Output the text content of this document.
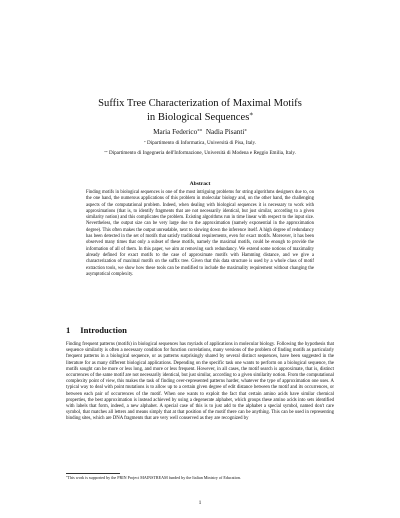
Suffix Tree Characterization of Maximal Motifs
in Biological Sequences*
Maria Federico** Nadia Pisanti*
* Dipartimento di Informatica, Università di Pisa, Italy.
** Dipartimento di Ingegneria dell'Informazione, Università di Modena e Reggio Emilia, Italy.
Abstract
Finding motifs in biological sequences is one of the most intriguing problems for string algorithms designers due to, on the one hand, the numerous applications of this problem in molecular biology and, on the other hand, the challenging aspects of the computational problem. Indeed, when dealing with biological sequences it is necessary to work with approximations (that is, to identify fragments that are not necessarily identical, but just similar, according to a given similarity notion) and this complicates the problem. Existing algorithms run in time linear with respect to the input size. Nevertheless, the output size can be very large due to the approximation (namely exponential in the approximation degree). This often makes the output unreadable, next to slowing down the inference itself. A high degree of redundancy has been detected in the set of motifs that satisfy traditional requirements, even for exact motifs. Moreover, it has been observed many times that only a subset of these motifs, namely the maximal motifs, could be enough to provide the information of all of them. In this paper, we aim at removing such redundancy. We extend some notions of maximality already defined for exact motifs to the case of approximate motifs with Hamming distance, and we give a characterization of maximal motifs on the suffix tree. Given that this data structure is used by a whole class of motif extraction tools, we show how these tools can be modified to include the maximality requirement without changing the asymptotical complexity.
1 Introduction
Finding frequent patterns (motifs) in biological sequences has myriads of applications in molecular biology. Following the hypothesis that sequence similarity is often a necessary condition for function correlations, many versions of the problem of finding motifs as particularly frequent patterns in a biological sequence, or as patterns surprisingly shared by several distinct sequences, have been suggested in the literature for as many different biological applications. Depending on the specific task one wants to perform on a biological sequence, the motifs sought can be more or less long, and more or less frequent. However, in all cases, the motif search is approximate, that is, distinct occurrences of the same motif are not necessarily identical, but just similar, according to a given similarity notion. From the computational complexity point of view, this makes the task of finding over-represented patterns harder, whatever the type of approximation one uses. A typical way to deal with point mutations is to allow up to a certain given degree of edit distance between the motif and its occurrences, or between each pair of occurrences of the motif. When one wants to exploit the fact that certain amino acids have similar chemical properties, the best approximation is instead achieved by using a degenerate alphabet, which groups these amino acids into sets identified with labels that form, indeed, a new alphabet. A special case of this is to just add to the alphabet a special symbol, named don't care symbol, that matches all letters and means simply that at that position of the motif there can be anything. This can be used in representing binding sites, which are DNA fragments that are very well conserved as they are recognized by
*This work is supported by the PRIN Project MAINSTREAM funded by the Italian Ministry of Education.
1
